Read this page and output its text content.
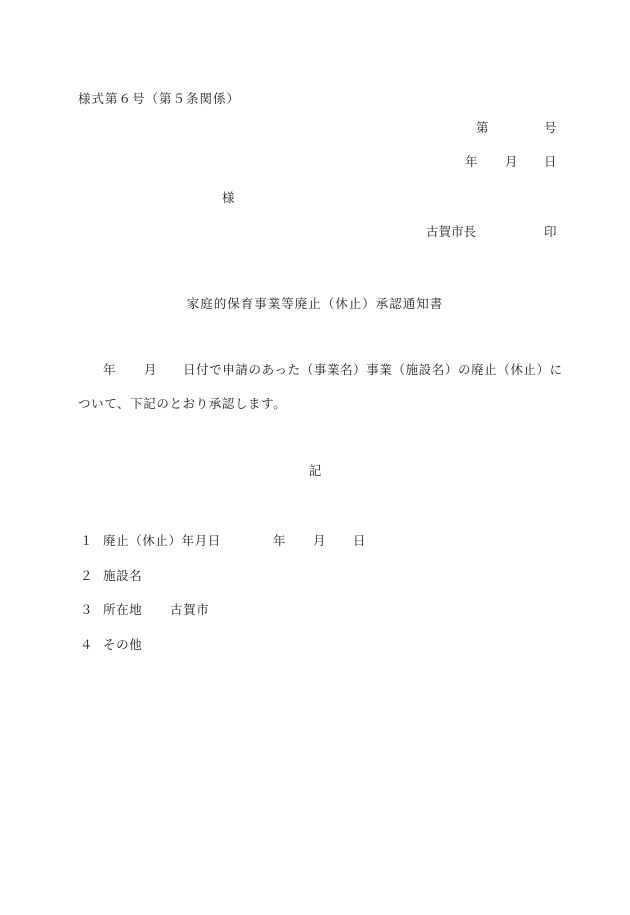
様式第６号（第５条関係）
第	号
年 月 日
様
古賀市長	印
家庭的保育事業等廃止（休止）承認通知書
年 月 日付で申請のあった（事業名）事業（施設名）の廃止（休止）に
ついて、下記のとおり承認します。
記
１ 廃止（休止）年月日	年 月 日
２ 施設名
３ 所在地 古賀市
４ その他
